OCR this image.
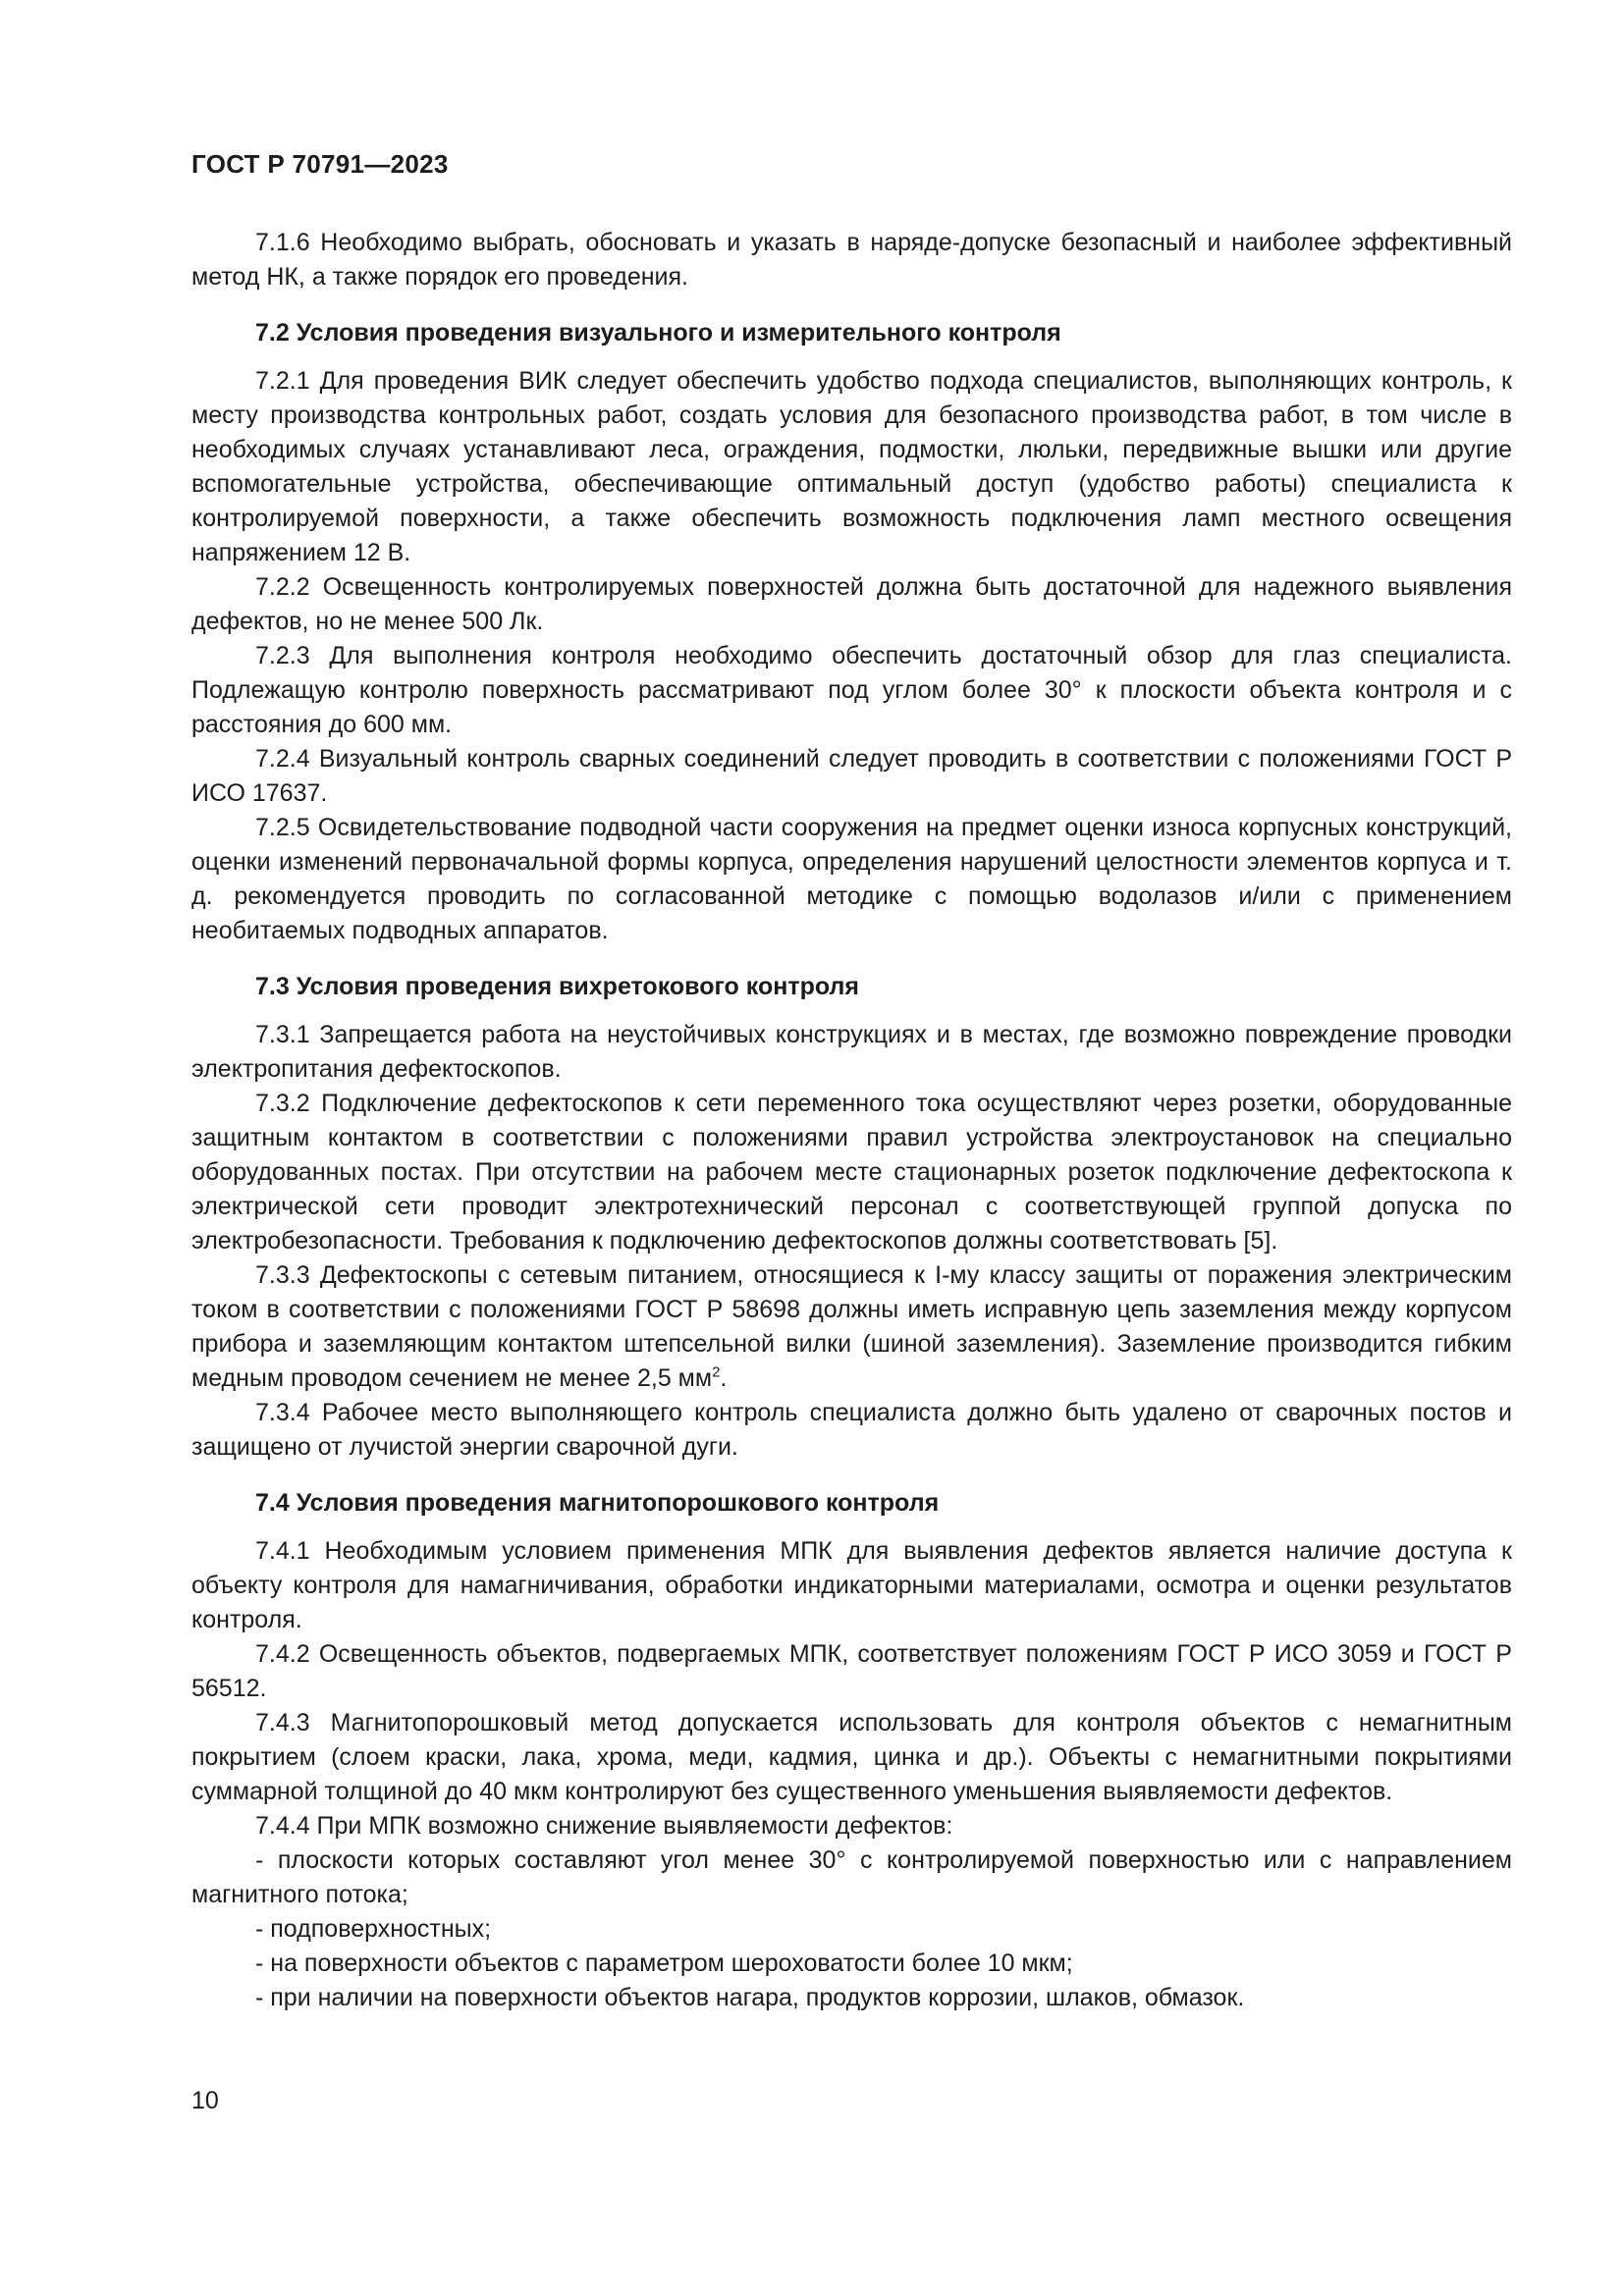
ГОСТ Р 70791—2023

7.1.6 Необходимо выбрать, обосновать и указать в наряде-допуске безопасный и наиболее эффективный метод НК, а также порядок его проведения.

7.2 Условия проведения визуального и измерительного контроля

7.2.1 Для проведения ВИК следует обеспечить удобство подхода специалистов, выполняющих контроль, к месту производства контрольных работ, создать условия для безопасного производства работ, в том числе в необходимых случаях устанавливают леса, ограждения, подмостки, люльки, передвижные вышки или другие вспомогательные устройства, обеспечивающие оптимальный доступ (удобство работы) специалиста к контролируемой поверхности, а также обеспечить возможность подключения ламп местного освещения напряжением 12 В.

7.2.2 Освещенность контролируемых поверхностей должна быть достаточной для надежного выявления дефектов, но не менее 500 Лк.

7.2.3 Для выполнения контроля необходимо обеспечить достаточный обзор для глаз специалиста. Подлежащую контролю поверхность рассматривают под углом более 30° к плоскости объекта контроля и с расстояния до 600 мм.

7.2.4 Визуальный контроль сварных соединений следует проводить в соответствии с положениями ГОСТ Р ИСО 17637.

7.2.5 Освидетельствование подводной части сооружения на предмет оценки износа корпусных конструкций, оценки изменений первоначальной формы корпуса, определения нарушений целостности элементов корпуса и т. д. рекомендуется проводить по согласованной методике с помощью водолазов и/или с применением необитаемых подводных аппаратов.

7.3 Условия проведения вихретокового контроля

7.3.1 Запрещается работа на неустойчивых конструкциях и в местах, где возможно повреждение проводки электропитания дефектоскопов.

7.3.2 Подключение дефектоскопов к сети переменного тока осуществляют через розетки, оборудованные защитным контактом в соответствии с положениями правил устройства электроустановок на специально оборудованных постах. При отсутствии на рабочем месте стационарных розеток подключение дефектоскопа к электрической сети проводит электротехнический персонал с соответствующей группой допуска по электробезопасности. Требования к подключению дефектоскопов должны соответствовать [5].

7.3.3 Дефектоскопы с сетевым питанием, относящиеся к I-му классу защиты от поражения электрическим током в соответствии с положениями ГОСТ Р 58698 должны иметь исправную цепь заземления между корпусом прибора и заземляющим контактом штепсельной вилки (шиной заземления). Заземление производится гибким медным проводом сечением не менее 2,5 $мм^2$.

7.3.4 Рабочее место выполняющего контроль специалиста должно быть удалено от сварочных постов и защищено от лучистой энергии сварочной дуги.

7.4 Условия проведения магнитопорошкового контроля

7.4.1 Необходимым условием применения МПК для выявления дефектов является наличие доступа к объекту контроля для намагничивания, обработки индикаторными материалами, осмотра и оценки результатов контроля.

7.4.2 Освещенность объектов, подвергаемых МПК, соответствует положениям ГОСТ Р ИСО 3059 и ГОСТ Р 56512.

7.4.3 Магнитопорошковый метод допускается использовать для контроля объектов с немагнитным покрытием (слоем краски, лака, хрома, меди, кадмия, цинка и др.). Объекты с немагнитными покрытиями суммарной толщиной до 40 мкм контролируют без существенного уменьшения выявляемости дефектов.

7.4.4 При МПК возможно снижение выявляемости дефектов:

- плоскости которых составляют угол менее 30° с контролируемой поверхностью или с направлением магнитного потока;

- подповерхностных;

- на поверхности объектов с параметром шероховатости более 10 мкм;

- при наличии на поверхности объектов нагара, продуктов коррозии, шлаков, обмазок.

10
